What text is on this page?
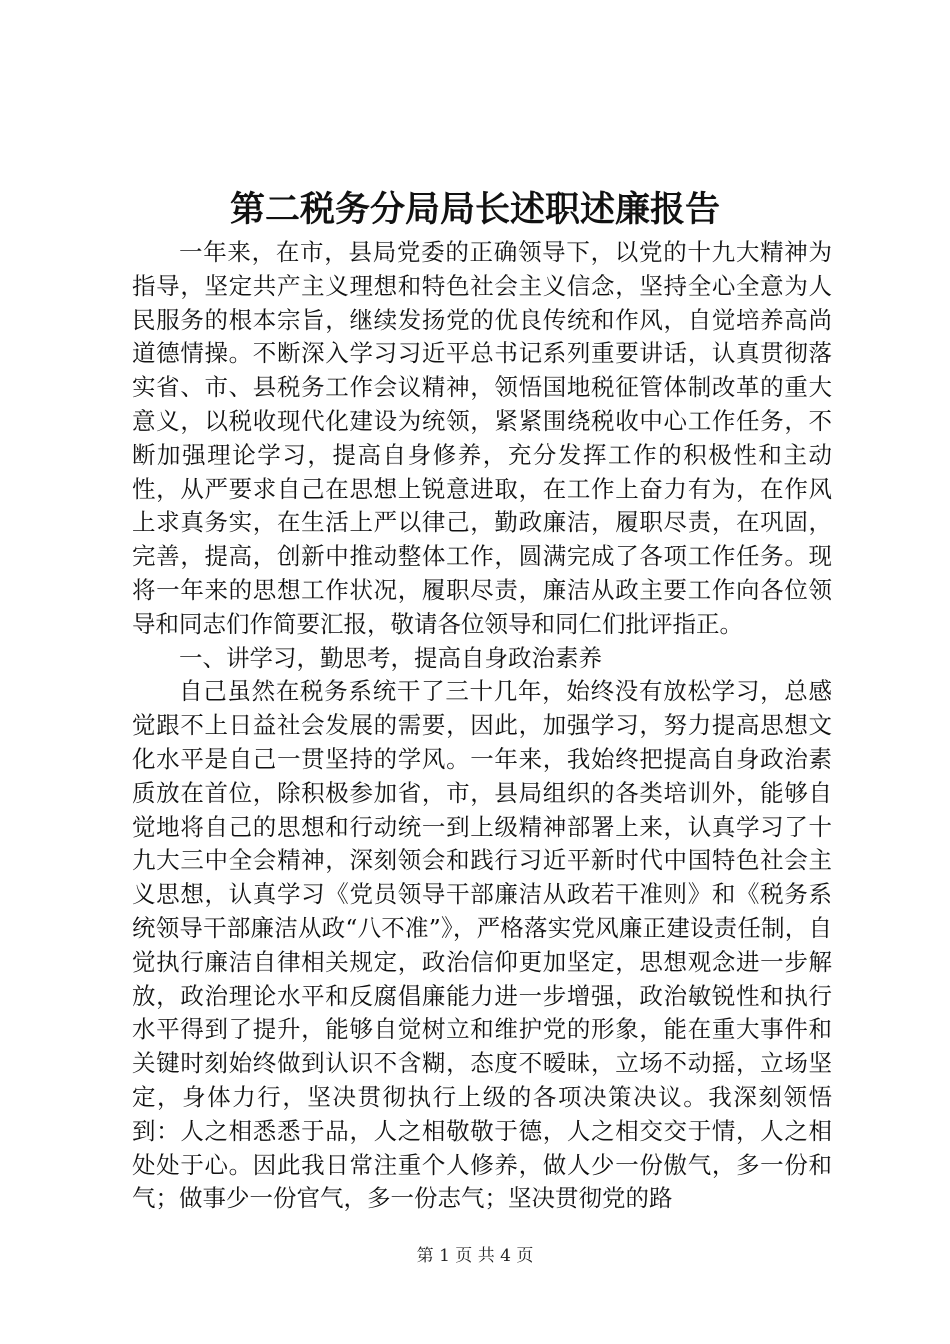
第二税务分局局长述职述廉报告

一年来，在市，县局党委的正确领导下，以党的十九大精神为指导，坚定共产主义理想和特色社会主义信念，坚持全心全意为人民服务的根本宗旨，继续发扬党的优良传统和作风，自觉培养高尚道德情操。不断深入学习习近平总书记系列重要讲话，认真贯彻落实省、市、县税务工作会议精神，领悟国地税征管体制改革的重大意义，以税收现代化建设为统领，紧紧围绕税收中心工作任务，不断加强理论学习，提高自身修养，充分发挥工作的积极性和主动性，从严要求自己在思想上锐意进取，在工作上奋力有为，在作风上求真务实，在生活上严以律己，勤政廉洁，履职尽责，在巩固，完善，提高，创新中推动整体工作，圆满完成了各项工作任务。现将一年来的思想工作状况，履职尽责，廉洁从政主要工作向各位领导和同志们作简要汇报，敬请各位领导和同仁们批评指正。

一、讲学习，勤思考，提高自身政治素养

自己虽然在税务系统干了三十几年，始终没有放松学习，总感觉跟不上日益社会发展的需要，因此，加强学习，努力提高思想文化水平是自己一贯坚持的学风。一年来，我始终把提高自身政治素质放在首位，除积极参加省，市，县局组织的各类培训外，能够自觉地将自己的思想和行动统一到上级精神部署上来，认真学习了十九大三中全会精神，深刻领会和践行习近平新时代中国特色社会主义思想，认真学习《党员领导干部廉洁从政若干准则》和《税务系统领导干部廉洁从政“八不准”》，严格落实党风廉正建设责任制，自觉执行廉洁自律相关规定，政治信仰更加坚定，思想观念进一步解放，政治理论水平和反腐倡廉能力进一步增强，政治敏锐性和执行水平得到了提升，能够自觉树立和维护党的形象，能在重大事件和关键时刻始终做到认识不含糊，态度不暧昧，立场不动摇，立场坚定，身体力行，坚决贯彻执行上级的各项决策决议。我深刻领悟到：人之相悉悉于品，人之相敬敬于德，人之相交交于情，人之相处处于心。因此我日常注重个人修养，做人少一份傲气，多一份和气；做事少一份官气，多一份志气；坚决贯彻党的路

第 1 页 共 4 页
